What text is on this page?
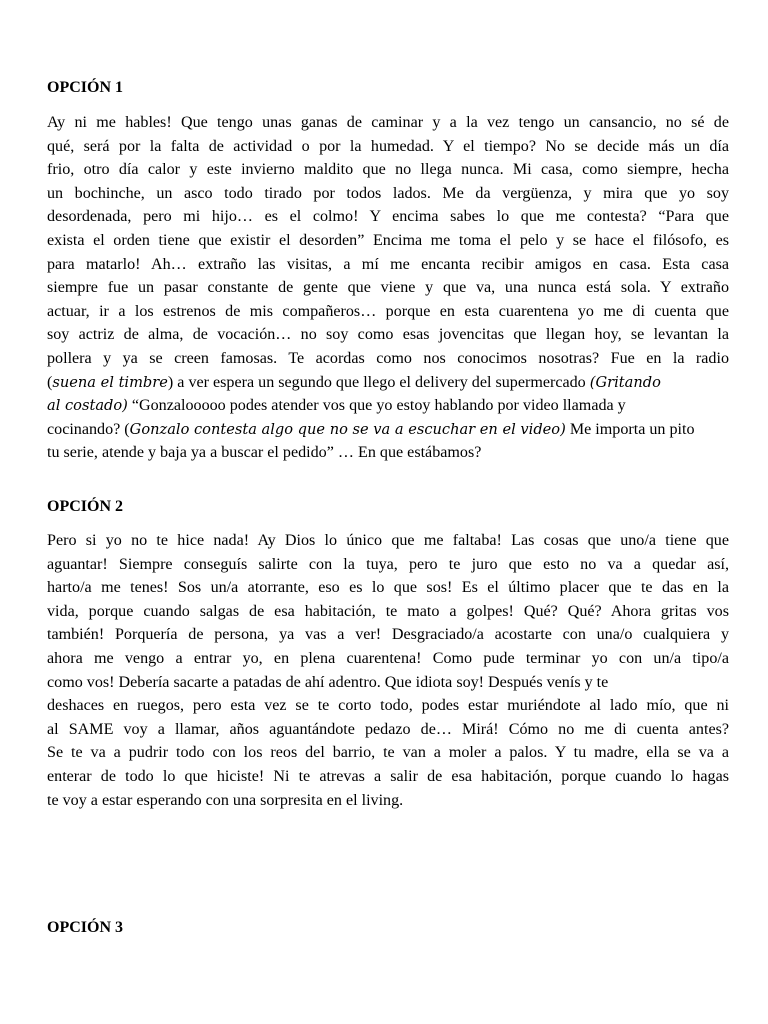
OPCIÓN 1

Ay ni me hables! Que tengo unas ganas de caminar y a la vez tengo un cansancio, no sé de
qué, será por la falta de actividad o por la humedad. Y el tiempo? No se decide más un día
frio, otro día calor y este invierno maldito que no llega nunca. Mi casa, como siempre, hecha
un bochinche, un asco todo tirado por todos lados. Me da vergüenza, y mira que yo soy
desordenada, pero mi hijo… es el colmo! Y encima sabes lo que me contesta? “Para que
exista el orden tiene que existir el desorden” Encima me toma el pelo y se hace el filósofo, es
para matarlo! Ah… extraño las visitas, a mí me encanta recibir amigos en casa. Esta casa
siempre fue un pasar constante de gente que viene y que va, una nunca está sola. Y extraño
actuar, ir a los estrenos de mis compañeros… porque en esta cuarentena yo me di cuenta que
soy actriz de alma, de vocación… no soy como esas jovencitas que llegan hoy, se levantan la
pollera y ya se creen famosas. Te acordas como nos conocimos nosotras? Fue en la radio
(suena el timbre) a ver espera un segundo que llego el delivery del supermercado (Gritando
al costado) “Gonzalooooo podes atender vos que yo estoy hablando por video llamada y
cocinando? (Gonzalo contesta algo que no se va a escuchar en el video) Me importa un pito
tu serie, atende y baja ya a buscar el pedido” … En que estábamos?

OPCIÓN 2

Pero si yo no te hice nada! Ay Dios lo único que me faltaba! Las cosas que uno/a tiene que
aguantar! Siempre conseguís salirte con la tuya, pero te juro que esto no va a quedar así,
harto/a me tenes! Sos un/a atorrante, eso es lo que sos! Es el último placer que te das en la
vida, porque cuando salgas de esa habitación, te mato a golpes! Qué? Qué? Ahora gritas vos
también! Porquería de persona, ya vas a ver! Desgraciado/a acostarte con una/o cualquiera y
ahora me vengo a entrar yo, en plena cuarentena! Como pude terminar yo con un/a tipo/a
como vos! Debería sacarte a patadas de ahí adentro. Que idiota soy! Después venís y te
deshaces en ruegos, pero esta vez se te corto todo, podes estar muriéndote al lado mío, que ni
al SAME voy a llamar, años aguantándote pedazo de… Mirá! Cómo no me di cuenta antes?
Se te va a pudrir todo con los reos del barrio, te van a moler a palos. Y tu madre, ella se va a
enterar de todo lo que hiciste! Ni te atrevas a salir de esa habitación, porque cuando lo hagas
te voy a estar esperando con una sorpresita en el living.

OPCIÓN 3
